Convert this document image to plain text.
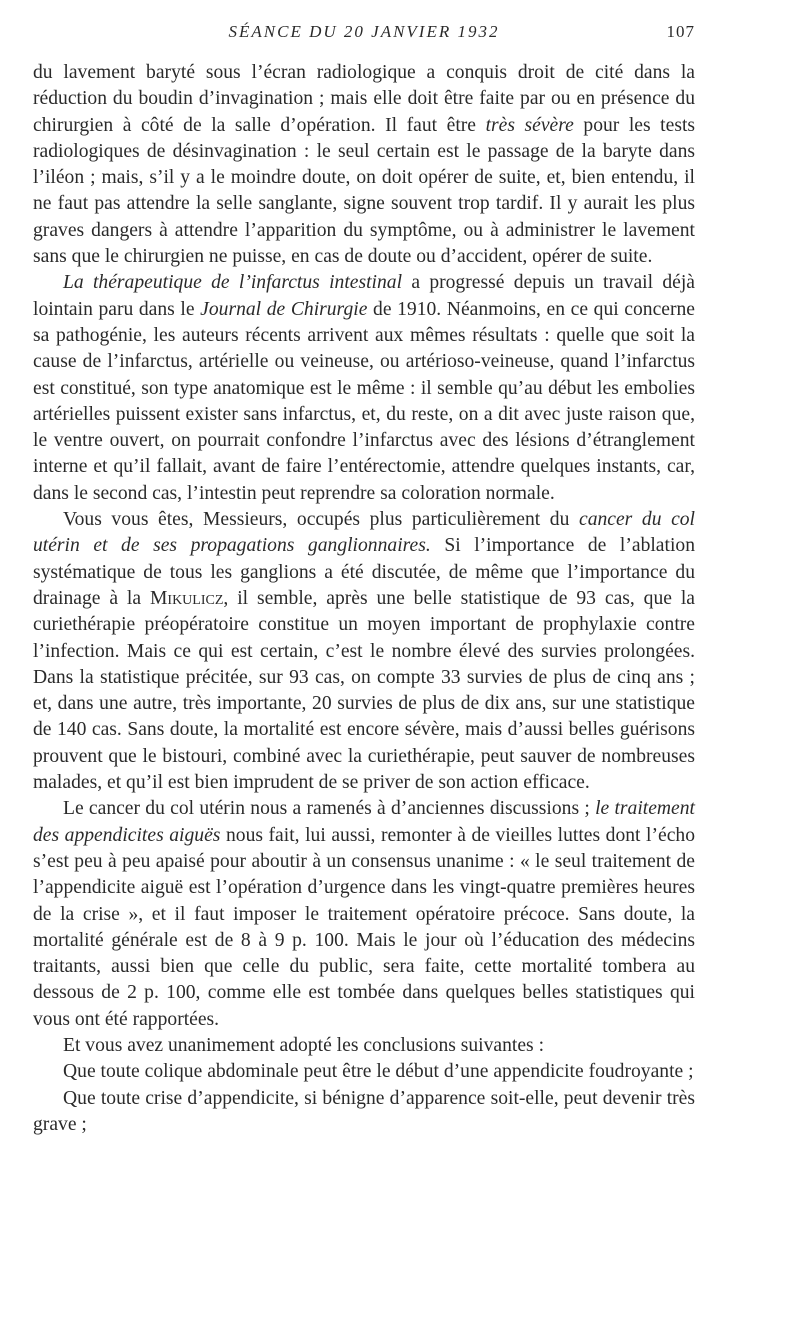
SÉANCE DU 20 JANVIER 1932	107

du lavement baryté sous l’écran radiologique a conquis droit de cité dans la réduction du boudin d’invagination ; mais elle doit être faite par ou en présence du chirurgien à côté de la salle d’opération. Il faut être très sévère pour les tests radiologiques de désinvagination : le seul certain est le passage de la baryte dans l’iléon ; mais, s’il y a le moindre doute, on doit opérer de suite, et, bien entendu, il ne faut pas attendre la selle sanglante, signe souvent trop tardif. Il y aurait les plus graves dangers à attendre l’apparition du symptôme, ou à administrer le lavement sans que le chirurgien ne puisse, en cas de doute ou d’accident, opérer de suite.

La thérapeutique de l’infarctus intestinal a progressé depuis un travail déjà lointain paru dans le Journal de Chirurgie de 1910. Néanmoins, en ce qui concerne sa pathogénie, les auteurs récents arrivent aux mêmes résultats : quelle que soit la cause de l’infarctus, artérielle ou veineuse, ou artérioso-veineuse, quand l’infarctus est constitué, son type anatomique est le même : il semble qu’au début les embolies artérielles puissent exister sans infarctus, et, du reste, on a dit avec juste raison que, le ventre ouvert, on pourrait confondre l’infarctus avec des lésions d’étranglement interne et qu’il fallait, avant de faire l’entérectomie, attendre quelques instants, car, dans le second cas, l’intestin peut reprendre sa coloration normale.

Vous vous êtes, Messieurs, occupés plus particulièrement du cancer du col utérin et de ses propagations ganglionnaires. Si l’importance de l’ablation systématique de tous les ganglions a été discutée, de même que l’importance du drainage à la Mikulicz, il semble, après une belle statistique de 93 cas, que la curiethérapie préopératoire constitue un moyen important de prophylaxie contre l’infection. Mais ce qui est certain, c’est le nombre élevé des survies prolongées. Dans la statistique précitée, sur 93 cas, on compte 33 survies de plus de cinq ans ; et, dans une autre, très importante, 20 survies de plus de dix ans, sur une statistique de 140 cas. Sans doute, la mortalité est encore sévère, mais d’aussi belles guérisons prouvent que le bistouri, combiné avec la curiethérapie, peut sauver de nombreuses malades, et qu’il est bien imprudent de se priver de son action efficace.

Le cancer du col utérin nous a ramenés à d’anciennes discussions ; le traitement des appendicites aiguës nous fait, lui aussi, remonter à de vieilles luttes dont l’écho s’est peu à peu apaisé pour aboutir à un consensus unanime : « le seul traitement de l’appendicite aiguë est l’opération d’urgence dans les vingt-quatre premières heures de la crise », et il faut imposer le traitement opératoire précoce. Sans doute, la mortalité générale est de 8 à 9 p. 100. Mais le jour où l’éducation des médecins traitants, aussi bien que celle du public, sera faite, cette mortalité tombera au dessous de 2 p. 100, comme elle est tombée dans quelques belles statistiques qui vous ont été rapportées.

Et vous avez unanimement adopté les conclusions suivantes :

Que toute colique abdominale peut être le début d’une appendicite foudroyante ;

Que toute crise d’appendicite, si bénigne d’apparence soit-elle, peut devenir très grave ;
